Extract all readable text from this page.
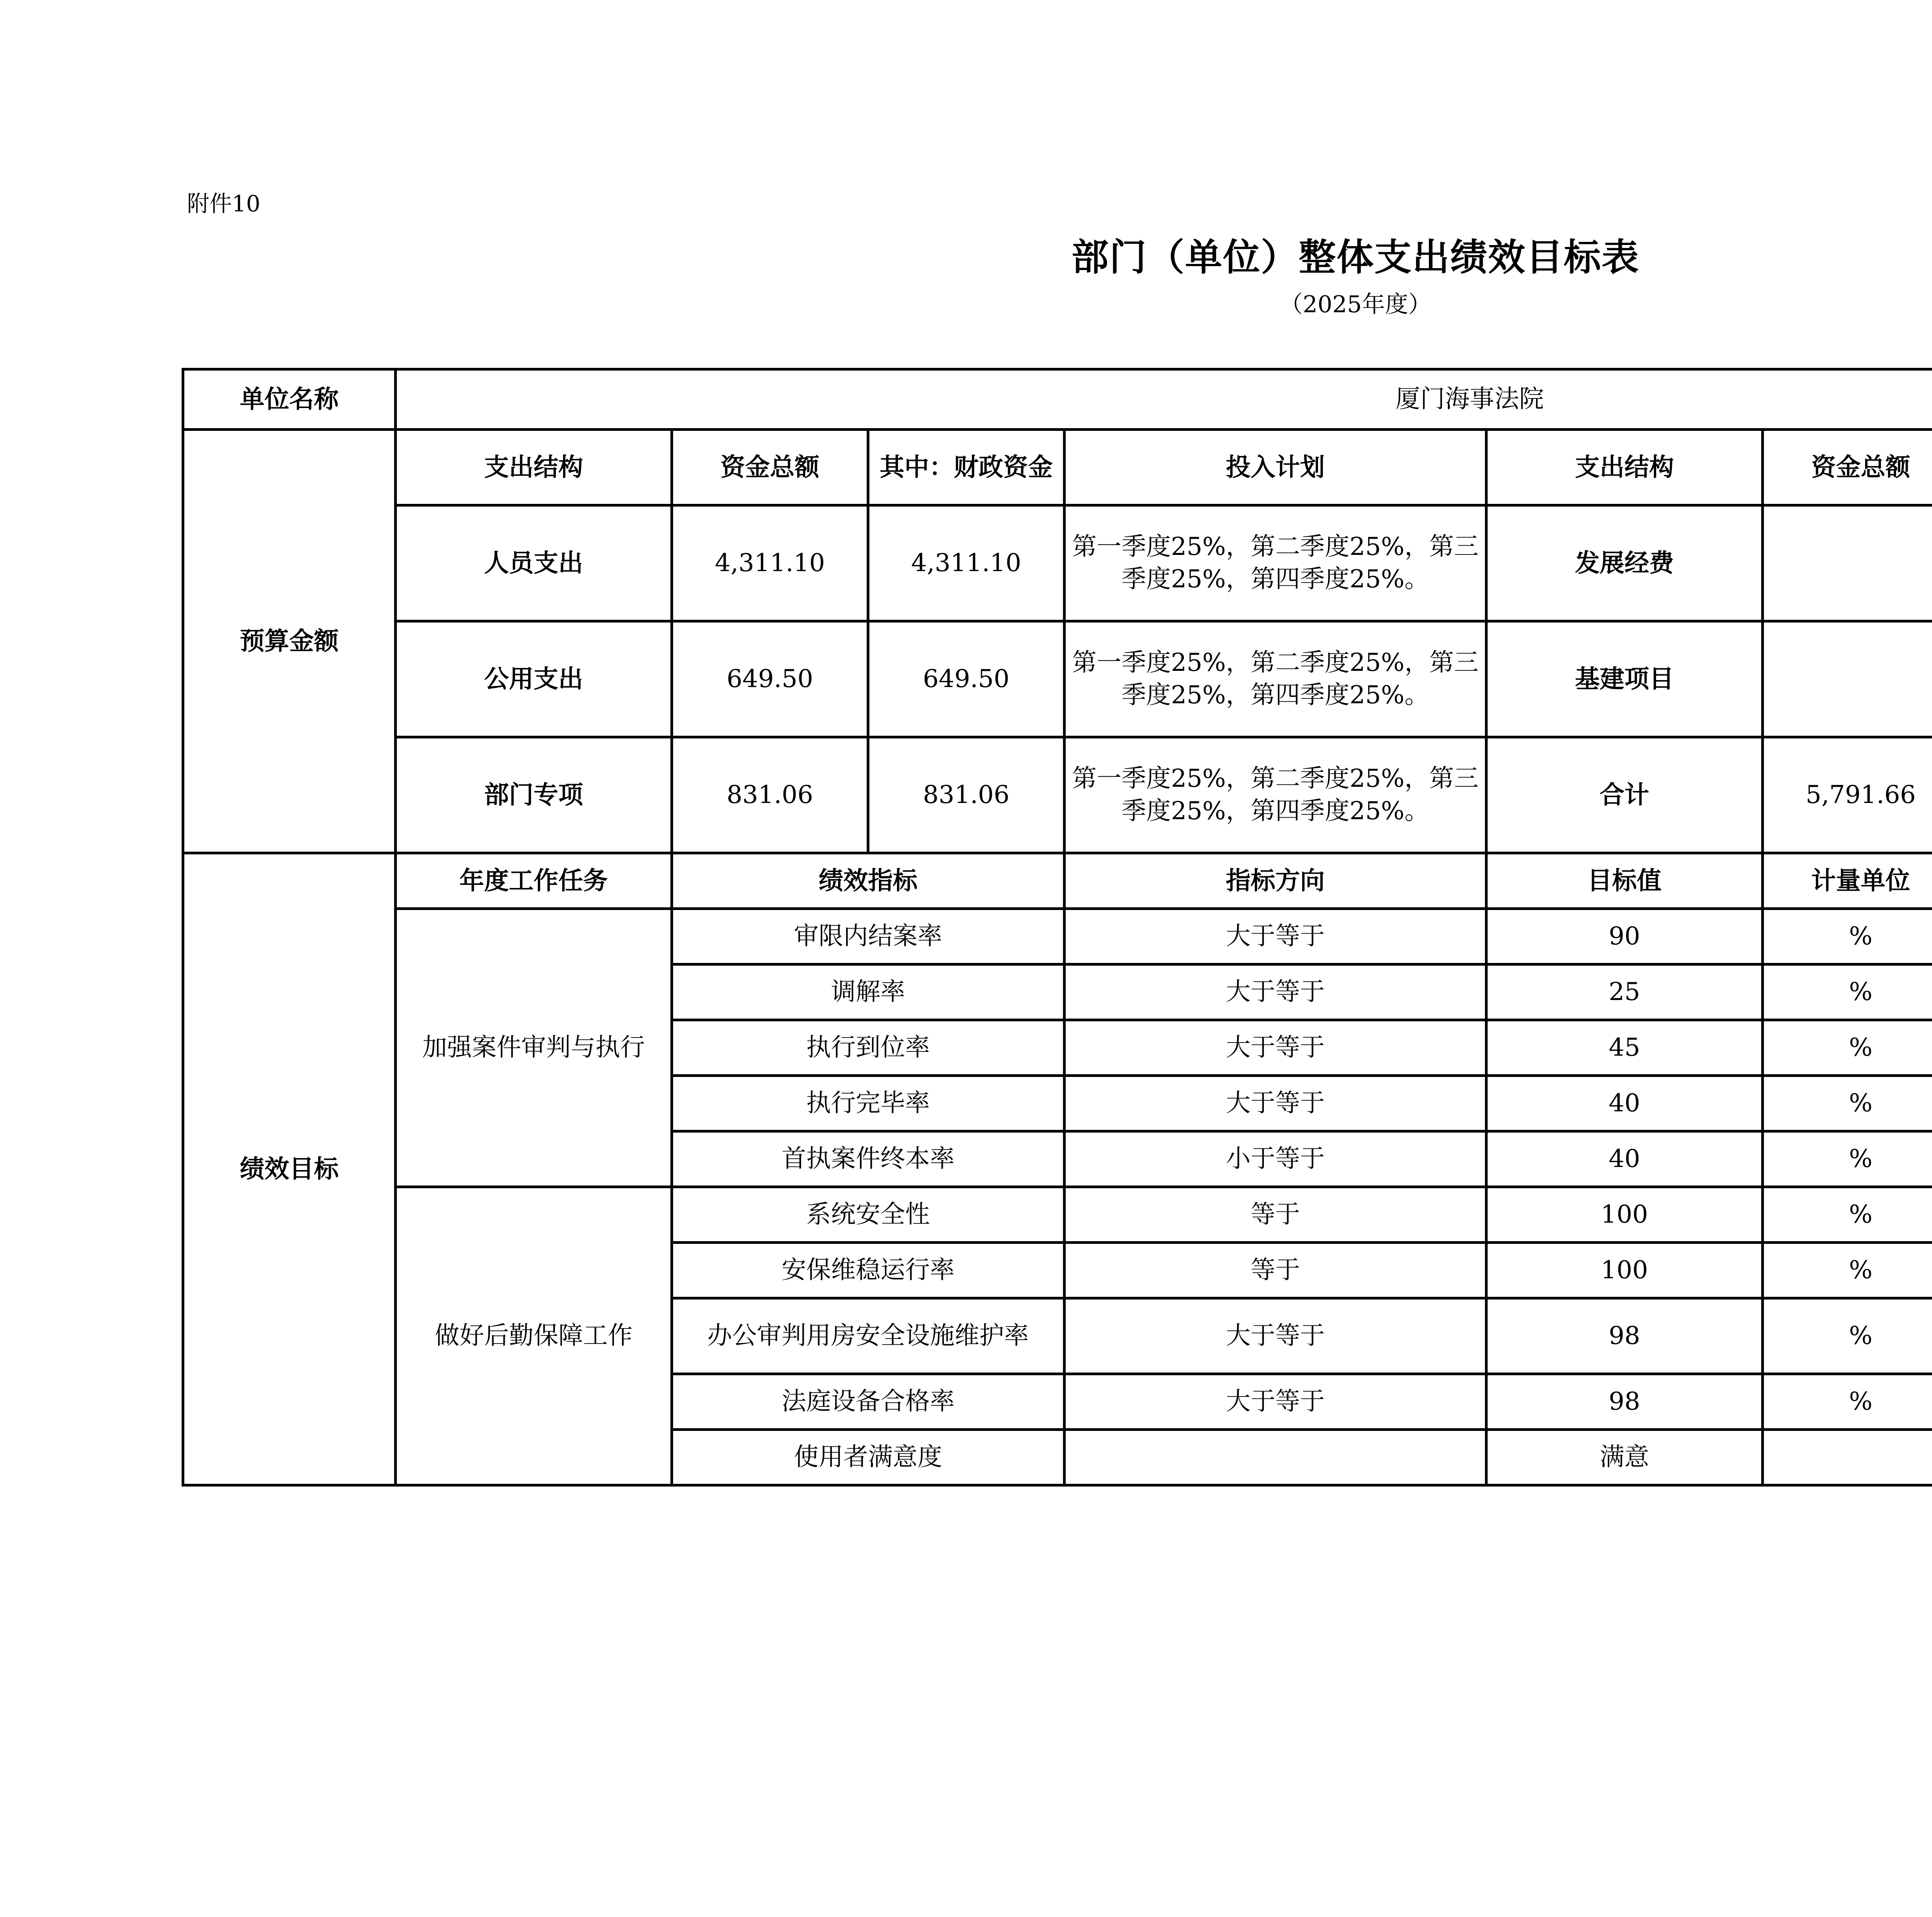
附件10
部门（单位）整体支出绩效目标表
（2025年度）
单位名称	厦门海事法院							
预算金额	支出结构	资金总额	其中：财政资金	投入计划	支出结构	资金总额		
	人员支出	4,311.10	4,311.10	第一季度25%，第二季度25%，第三季度25%，第四季度25%。	发展经费			
	公用支出	649.50	649.50	第一季度25%，第二季度25%，第三季度25%，第四季度25%。	基建项目			
	部门专项	831.06	831.06	第一季度25%，第二季度25%，第三季度25%，第四季度25%。	合计	5,791.66		
绩效目标	年度工作任务	绩效指标		指标方向	目标值	计量单位		
	加强案件审判与执行	审限内结案率		大于等于	90	%		
		调解率		大于等于	25	%		
		执行到位率		大于等于	45	%		
		执行完毕率		大于等于	40	%		
		首执案件终本率		小于等于	40	%		
	做好后勤保障工作	系统安全性		等于	100	%		
		安保维稳运行率		等于	100	%		
		办公审判用房安全设施维护率		大于等于	98	%		
		法庭设备合格率		大于等于	98	%		
		使用者满意度			满意			
